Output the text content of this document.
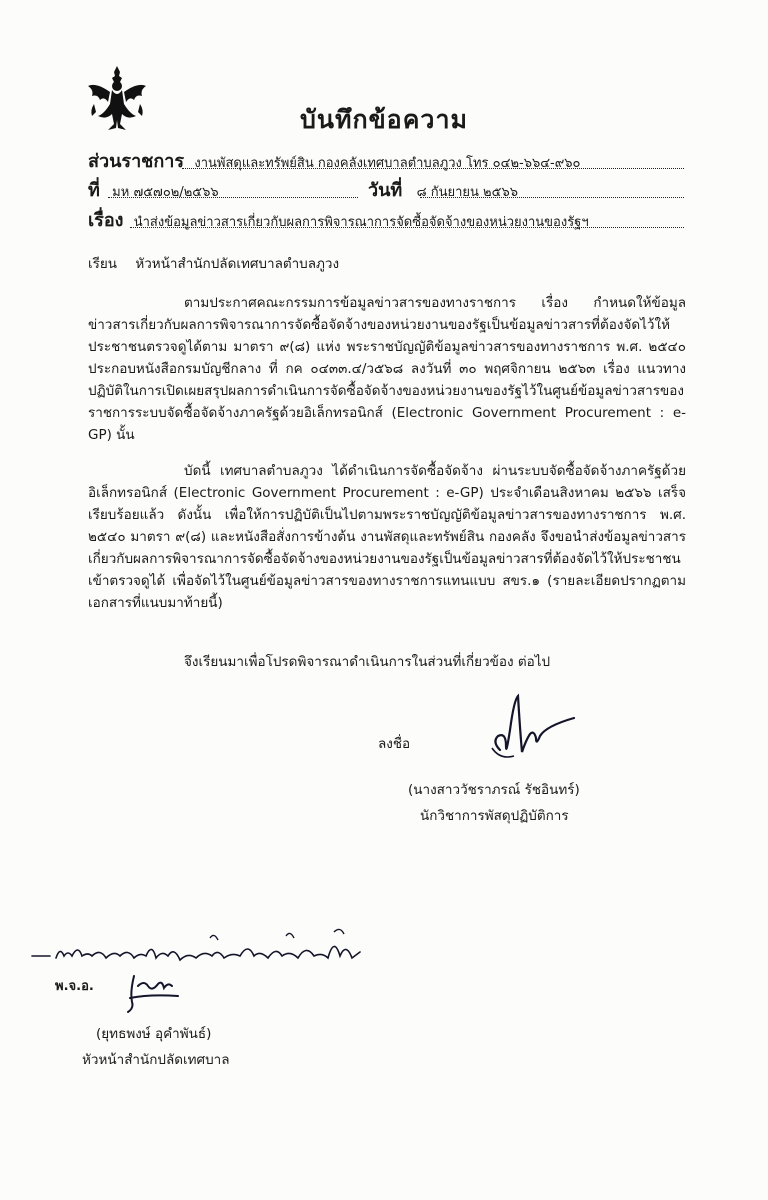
บันทึกข้อความ
ส่วนราชการ งานพัสดุและทรัพย์สิน กองคลังเทศบาลตำบลภูวง โทร ๐๔๒-๖๖๔-๙๖๐
ที่ มห ๗๕๗๐๒/๒๕๖๖	วันที่ ๘ กันยายน ๒๕๖๖
เรื่อง นำส่งข้อมูลข่าวสารเกี่ยวกับผลการพิจารณาการจัดซื้อจัดจ้างของหน่วยงานของรัฐฯ
เรียน หัวหน้าสำนักปลัดเทศบาลตำบลภูวง

ตามประกาศคณะกรรมการข้อมูลข่าวสารของทางราชการ เรื่อง กำหนดให้ข้อมูลข่าวสารเกี่ยวกับผลการพิจารณาการจัดซื้อจัดจ้างของหน่วยงานของรัฐเป็นข้อมูลข่าวสารที่ต้องจัดไว้ให้ประชาชนตรวจดูได้ตาม มาตรา ๙(๘) แห่ง พระราชบัญญัติข้อมูลข่าวสารของทางราชการ พ.ศ. ๒๕๔๐ ประกอบหนังสือกรมบัญชีกลาง ที่ กค ๐๔๓๓.๔/ว๕๖๘ ลงวันที่ ๓๐ พฤศจิกายน ๒๕๖๓ เรื่อง แนวทางปฏิบัติในการเปิดเผยสรุปผลการดำเนินการจัดซื้อจัดจ้างของหน่วยงานของรัฐไว้ในศูนย์ข้อมูลข่าวสารของราชการระบบจัดซื้อจัดจ้างภาครัฐด้วยอิเล็กทรอนิกส์ (Electronic Government Procurement : e-GP) นั้น

บัดนี้ เทศบาลตำบลภูวง ได้ดำเนินการจัดซื้อจัดจ้าง ผ่านระบบจัดซื้อจัดจ้างภาครัฐด้วยอิเล็กทรอนิกส์ (Electronic Government Procurement : e-GP) ประจำเดือนสิงหาคม ๒๕๖๖ เสร็จเรียบร้อยแล้ว ดังนั้น เพื่อให้การปฏิบัติเป็นไปตามพระราชบัญญัติข้อมูลข่าวสารของทางราชการ พ.ศ. ๒๕๔๐ มาตรา ๙(๘) และหนังสือสั่งการข้างต้น งานพัสดุและทรัพย์สิน กองคลัง จึงขอนำส่งข้อมูลข่าวสารเกี่ยวกับผลการพิจารณาการจัดซื้อจัดจ้างของหน่วยงานของรัฐเป็นข้อมูลข่าวสารที่ต้องจัดไว้ให้ประชาชนเข้าตรวจดูได้ เพื่อจัดไว้ในศูนย์ข้อมูลข่าวสารของทางราชการแทนแบบ สขร.๑ (รายละเอียดปรากฏตามเอกสารที่แนบมาท้ายนี้)

จึงเรียนมาเพื่อโปรดพิจารณาดำเนินการในส่วนที่เกี่ยวข้อง ต่อไป
ลงชื่อ
(นางสาววัชราภรณ์ รัชอินทร์)
นักวิชาการพัสดุปฏิบัติการ
พ.จ.อ.
(ยุทธพงษ์ อุคำพันธ์)
หัวหน้าสำนักปลัดเทศบาล
